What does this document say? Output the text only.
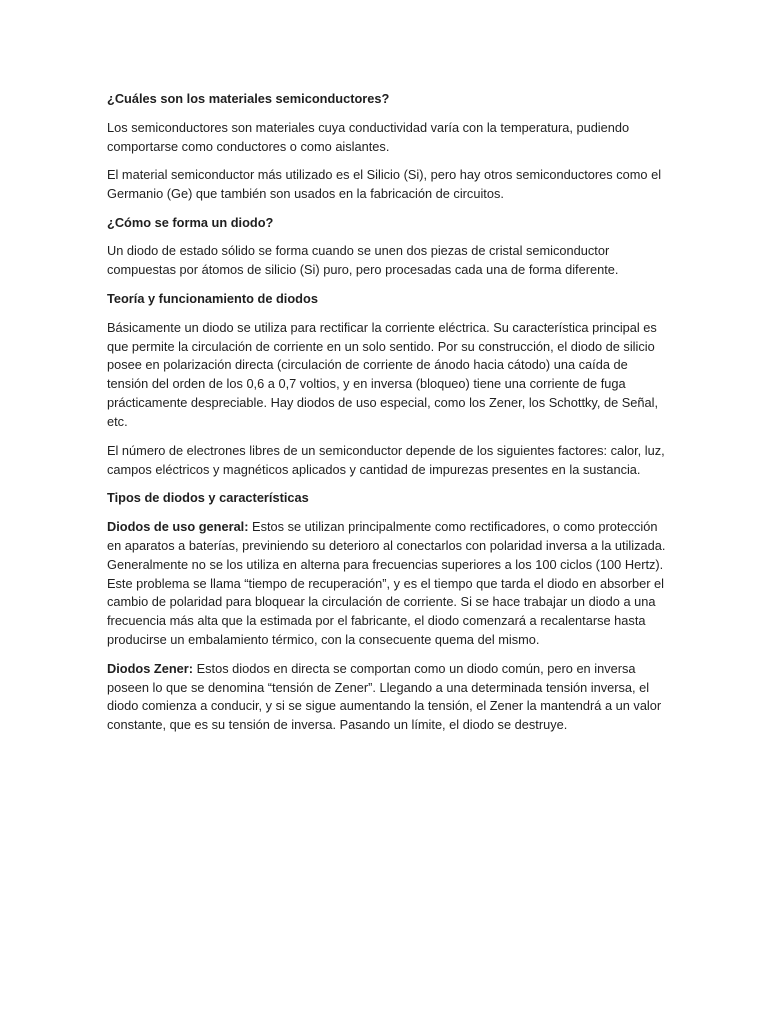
¿Cuáles son los materiales semiconductores?

Los semiconductores son materiales cuya conductividad varía con la temperatura, pudiendo comportarse como conductores o como aislantes.

El material semiconductor más utilizado es el Silicio (Si), pero hay otros semiconductores como el Germanio (Ge) que también son usados en la fabricación de circuitos.

¿Cómo se forma un diodo?

Un diodo de estado sólido se forma cuando se unen dos piezas de cristal semiconductor compuestas por átomos de silicio (Si) puro, pero procesadas cada una de forma diferente.

Teoría y funcionamiento de diodos

Básicamente un diodo se utiliza para rectificar la corriente eléctrica. Su característica principal es que permite la circulación de corriente en un solo sentido. Por su construcción, el diodo de silicio posee en polarización directa (circulación de corriente de ánodo hacia cátodo) una caída de tensión del orden de los 0,6 a 0,7 voltios, y en inversa (bloqueo) tiene una corriente de fuga prácticamente despreciable. Hay diodos de uso especial, como los Zener, los Schottky, de Señal, etc.

El número de electrones libres de un semiconductor depende de los siguientes factores: calor, luz, campos eléctricos y magnéticos aplicados y cantidad de impurezas presentes en la sustancia.

Tipos de diodos y características

Diodos de uso general: Estos se utilizan principalmente como rectificadores, o como protección en aparatos a baterías, previniendo su deterioro al conectarlos con polaridad inversa a la utilizada. Generalmente no se los utiliza en alterna para frecuencias superiores a los 100 ciclos (100 Hertz). Este problema se llama “tiempo de recuperación”, y es el tiempo que tarda el diodo en absorber el cambio de polaridad para bloquear la circulación de corriente. Si se hace trabajar un diodo a una frecuencia más alta que la estimada por el fabricante, el diodo comenzará a recalentarse hasta producirse un embalamiento térmico, con la consecuente quema del mismo.

Diodos Zener: Estos diodos en directa se comportan como un diodo común, pero en inversa poseen lo que se denomina “tensión de Zener”. Llegando a una determinada tensión inversa, el diodo comienza a conducir, y si se sigue aumentando la tensión, el Zener la mantendrá a un valor constante, que es su tensión de inversa. Pasando un límite, el diodo se destruye.
